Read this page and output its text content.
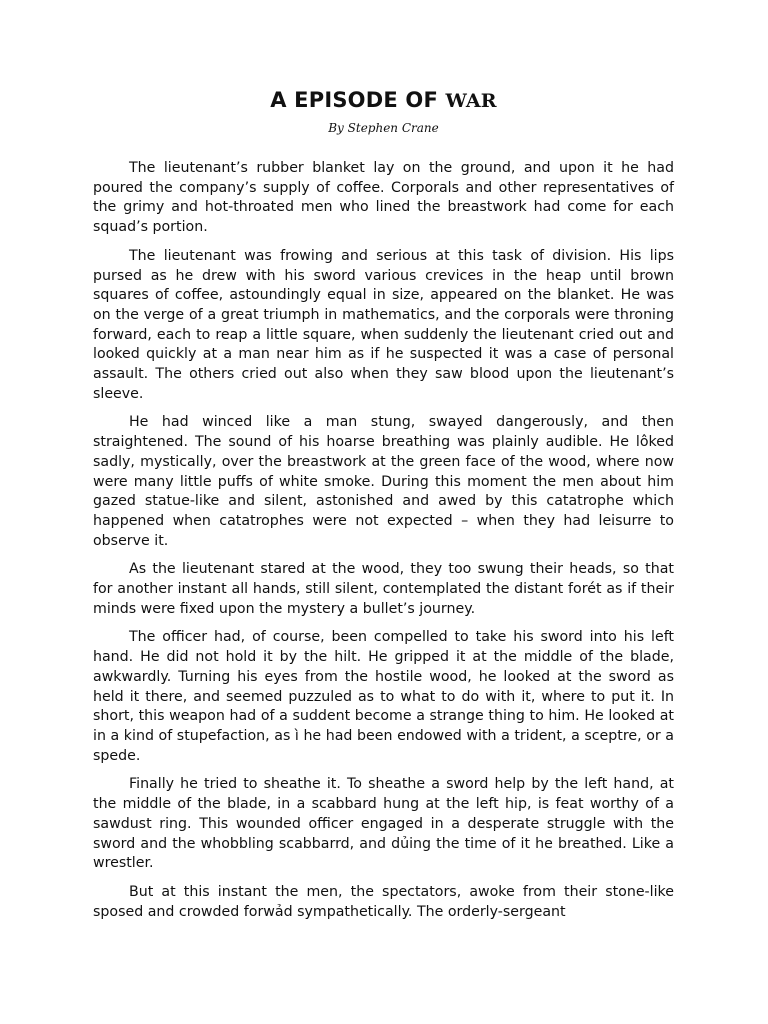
A EPISODE OF WAR
By Stephen Crane

The lieutenant’s rubber blanket lay on the ground, and upon it he had poured the company’s supply of coffee. Corporals and other representatives of the grimy and hot-throated men who lined the breastwork had come for each squad’s portion.

The lieutenant was frowing and serious at this task of division. His lips pursed as he drew with his sword various crevices in the heap until brown squares of coffee, astoundingly equal in size, appeared on the blanket. He was on the verge of a great triumph in mathematics, and the corporals were throning forward, each to reap a little square, when suddenly the lieutenant cried out and looked quickly at a man near him as if he suspected it was a case of personal assault. The others cried out also when they saw blood upon the lieutenant’s sleeve.

He had winced like a man stung, swayed dangerously, and then straightened. The sound of his hoarse breathing was plainly audible. He lôked sadly, mystically, over the breastwork at the green face of the wood, where now were many little puffs of white smoke. During this moment the men about him gazed statue-like and silent, astonished and awed by this catatrophe which happened when catatrophes were not expected – when they had leisurre to observe it.

As the lieutenant stared at the wood, they too swung their heads, so that for another instant all hands, still silent, contemplated the distant forét as if their minds were fixed upon the mystery a bullet’s journey.

The officer had, of course, been compelled to take his sword into his left hand. He did not hold it by the hilt. He gripped it at the middle of the blade, awkwardly. Turning his eyes from the hostile wood, he looked at the sword as held it there, and seemed puzzuled as to what to do with it, where to put it. In short, this weapon had of a suddent become a strange thing to him. He looked at in a kind of stupefaction, as ì he had been endowed with a trident, a sceptre, or a spede.

Finally he tried to sheathe it. To sheathe a sword help by the left hand, at the middle of the blade, in a scabbard hung at the left hip, is feat worthy of a sawdust ring. This wounded officer engaged in a desperate struggle with the sword and the whobbling scabbarrd, and dủing the time of it he breathed. Like a wrestler.

But at this instant the men, the spectators, awoke from their stone-like sposed and crowded forwảd sympathetically. The orderly-sergeant
